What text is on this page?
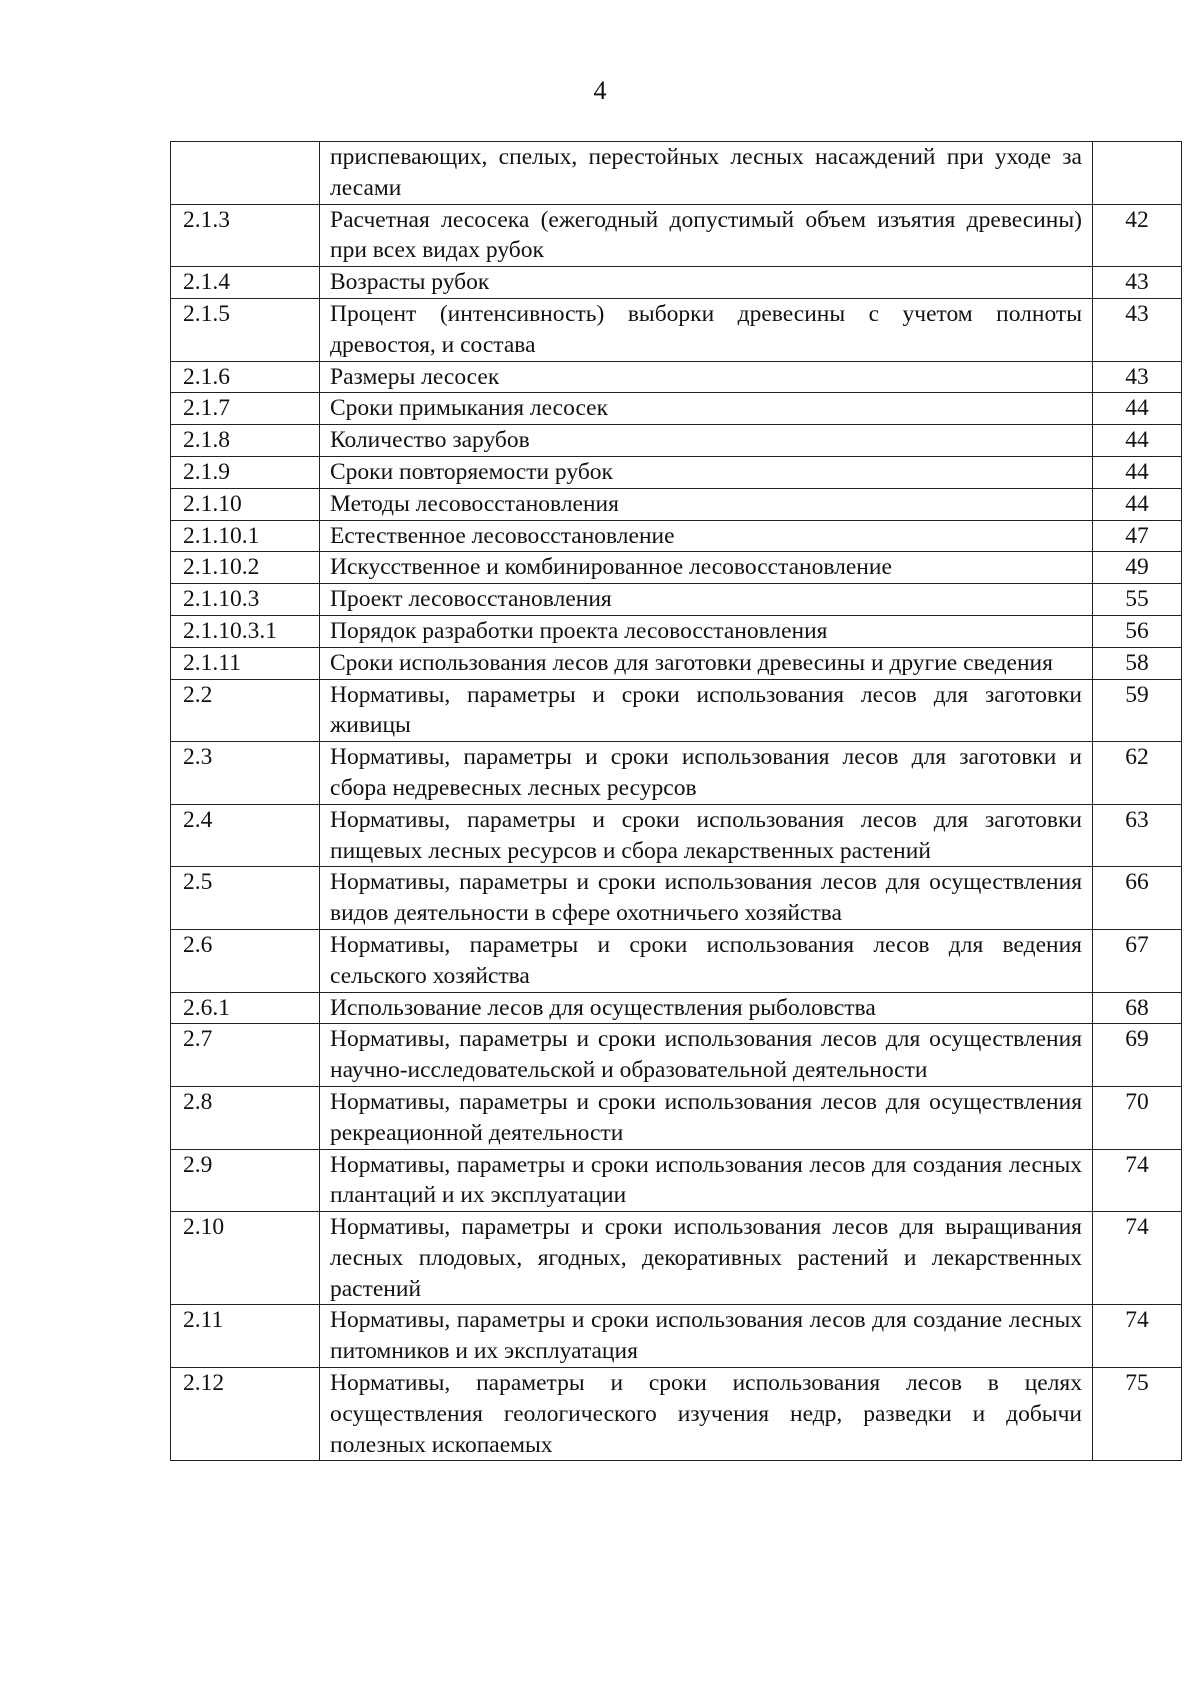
4
	приспевающих, спелых, перестойных лесных насаждений при уходе за лесами	
2.1.3	Расчетная лесосека (ежегодный допустимый объем изъятия древесины) при всех видах рубок	42
2.1.4	Возрасты рубок	43
2.1.5	Процент (интенсивность) выборки древесины с учетом полноты древостоя, и состава	43
2.1.6	Размеры лесосек	43
2.1.7	Сроки примыкания лесосек	44
2.1.8	Количество зарубов	44
2.1.9	Сроки повторяемости рубок	44
2.1.10	Методы лесовосстановления	44
2.1.10.1	Естественное лесовосстановление	47
2.1.10.2	Искусственное и комбинированное лесовосстановление	49
2.1.10.3	Проект лесовосстановления	55
2.1.10.3.1	Порядок разработки проекта лесовосстановления	56
2.1.11	Сроки использования лесов для заготовки древесины и другие сведения	58
2.2	Нормативы, параметры и сроки использования лесов для заготовки живицы	59
2.3	Нормативы, параметры и сроки использования лесов для заготовки и сбора недревесных лесных ресурсов	62
2.4	Нормативы, параметры и сроки использования лесов для заготовки пищевых лесных ресурсов и сбора лекарственных растений	63
2.5	Нормативы, параметры и сроки использования лесов для осуществления видов деятельности в сфере охотничьего хозяйства	66
2.6	Нормативы, параметры и сроки использования лесов для ведения сельского хозяйства	67
2.6.1	Использование лесов для осуществления рыболовства	68
2.7	Нормативы, параметры и сроки использования лесов для осуществления научно-исследовательской и образовательной деятельности	69
2.8	Нормативы, параметры и сроки использования лесов для осуществления рекреационной деятельности	70
2.9	Нормативы, параметры и сроки использования лесов для создания лесных плантаций и их эксплуатации	74
2.10	Нормативы, параметры и сроки использования лесов для выращивания лесных плодовых, ягодных, декоративных растений и лекарственных растений	74
2.11	Нормативы, параметры и сроки использования лесов для создание лесных питомников и их эксплуатация	74
2.12	Нормативы, параметры и сроки использования лесов в целях осуществления геологического изучения недр, разведки и добычи полезных ископаемых	75
